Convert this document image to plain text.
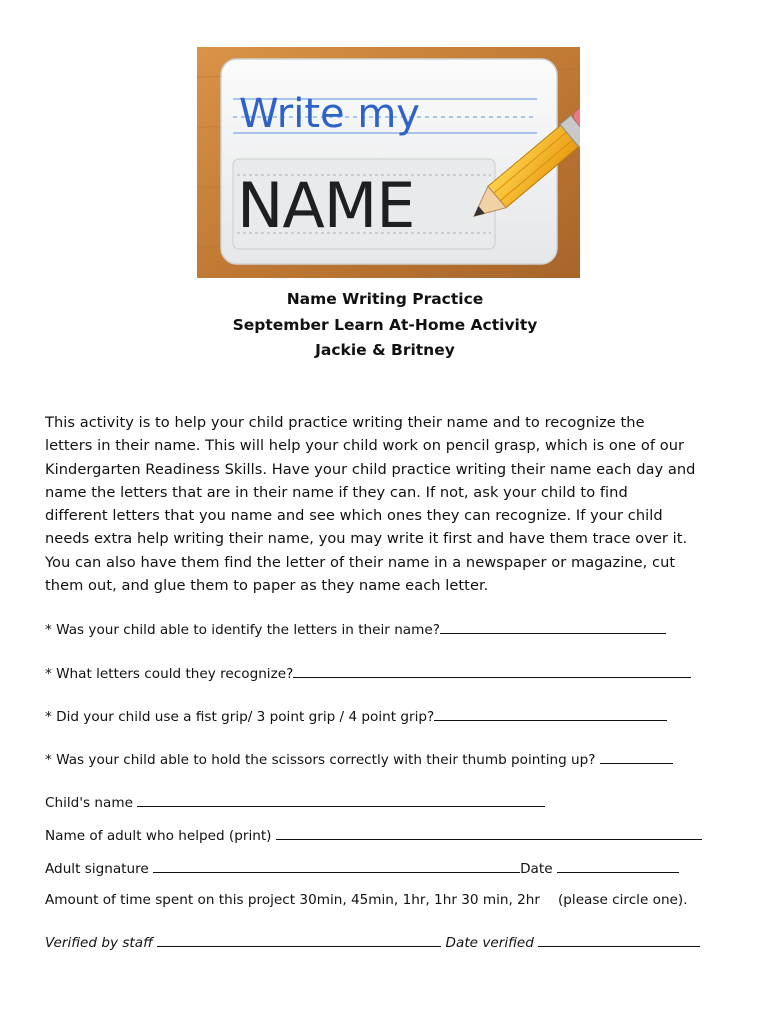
Write my
NAME
Name Writing Practice
September Learn At-Home Activity
Jackie & Britney
This activity is to help your child practice writing their name and to recognize the
letters in their name. This will help your child work on pencil grasp, which is one of our
Kindergarten Readiness Skills. Have your child practice writing their name each day and
name the letters that are in their name if they can. If not, ask your child to find
different letters that you name and see which ones they can recognize. If your child
needs extra help writing their name, you may write it first and have them trace over it.
You can also have them find the letter of their name in a newspaper or magazine, cut
them out, and glue them to paper as they name each letter.
* Was your child able to identify the letters in their name?
* What letters could they recognize?
* Did your child use a fist grip/ 3 point grip / 4 point grip?
* Was your child able to hold the scissors correctly with their thumb pointing up?
Child's name
Name of adult who helped (print)
Adult signature	Date
Amount of time spent on this project 30min, 45min, 1hr, 1hr 30 min, 2hr (please circle one).
Verified by staff	Date verified
